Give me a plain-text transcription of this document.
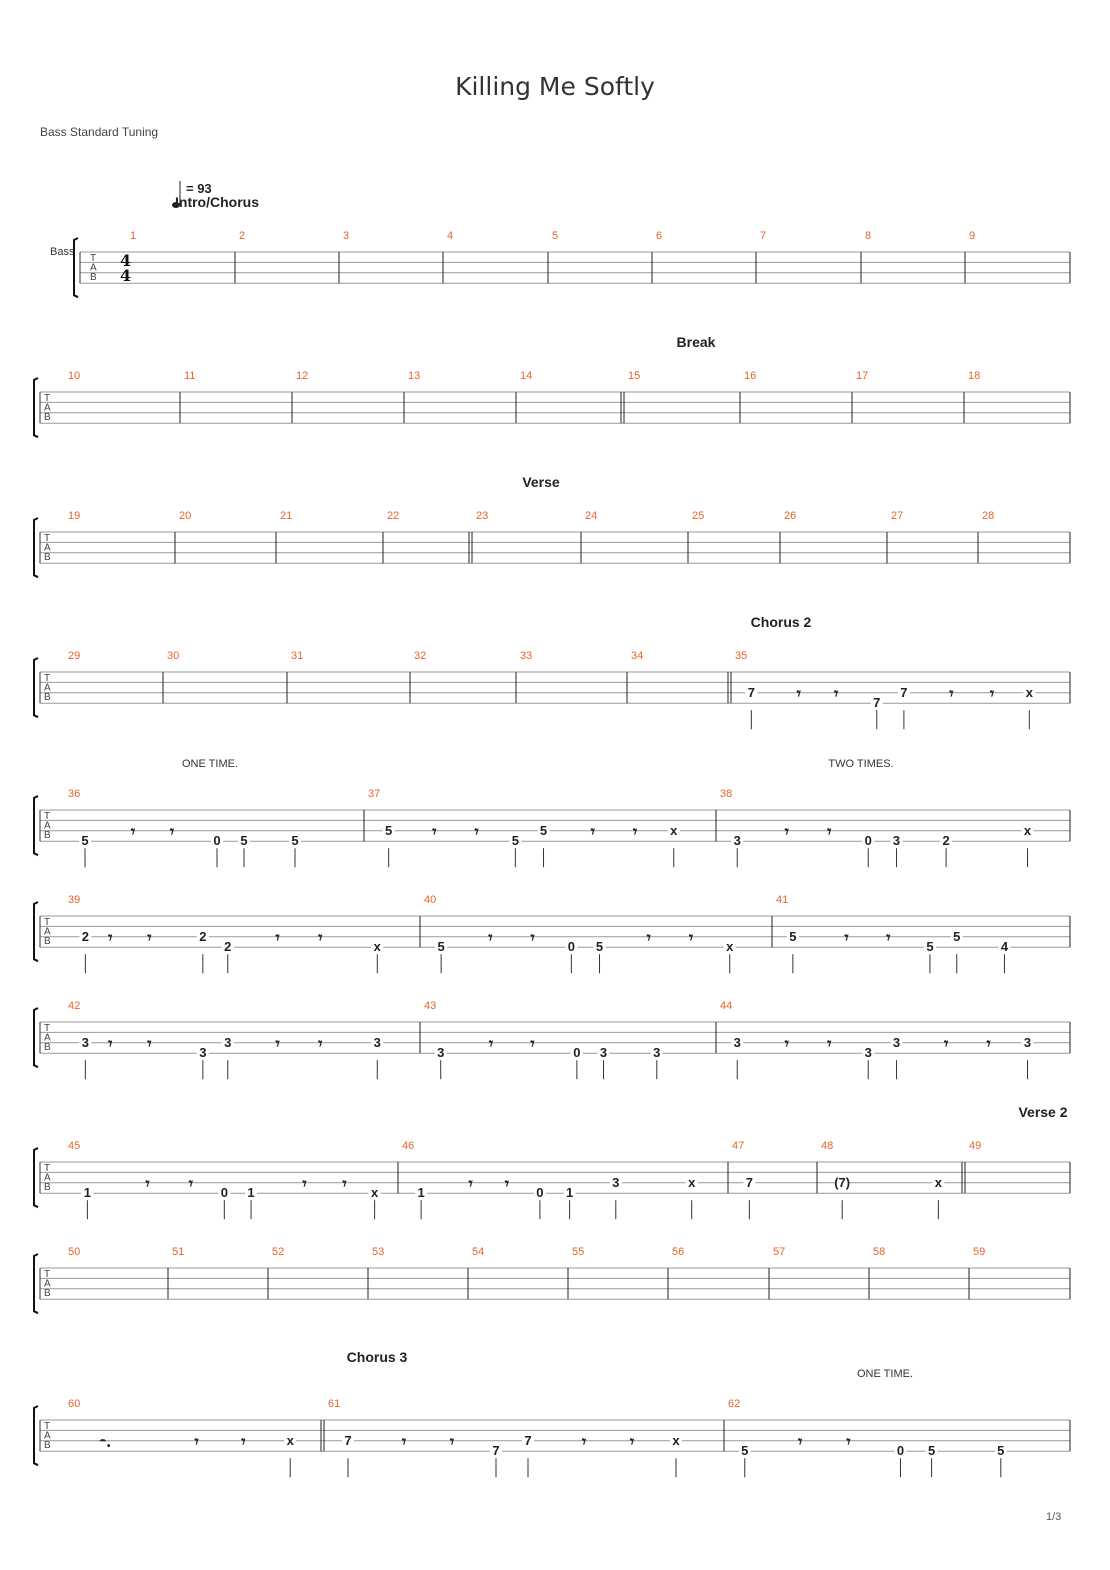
Killing Me Softly
Bass Standard Tuning
= 93
Bass
T
A
B
4
4
1	2	3	4	5	6	7	8	9
Intro/Chorus
T
A
B
10	11	12	13	14	15	16	17	18
Break
T
A
B
19	20	21	22	23	24	25	26	27	28
Verse
T
A
B
29	30	31	32	33	34	35
Chorus 2
7	𝄾 𝄾	7
7	𝄾 𝄾 x
T
A
B
36	37	38
ONE TIME.	TWO TIMES.
5	𝄾 𝄾	0 5	5
5	𝄾 𝄾	5
5	𝄾 𝄾	x
3	𝄾 𝄾	0 3	2
x
T
A
B
39	40	41
2 𝄾 𝄾	2
2	𝄾 𝄾	x	5	𝄾 𝄾	0 5	𝄾 𝄾	x
5	𝄾 𝄾	5
5
4
T
A
B
42	43	44
3 𝄾 𝄾	3
3	𝄾 𝄾	3
3	𝄾 𝄾	0 3	3
3	𝄾 𝄾	3
3	𝄾 𝄾	3
T
A
B
45	46	47	48	49
Verse 2
1	𝄾 𝄾 0 1	𝄾 𝄾 x	1	𝄾 𝄾 0 1
3	x	7	(7)	x
T
A
B
50	51	52	53	54	55	56	57	58	59
T
A
B
60	61	62
Chorus 3
ONE TIME.
𝄼.	𝄾	𝄾	x	7	𝄾	𝄾	7
7	𝄾	𝄾	x
5	𝄾	𝄾	0 5	5
1/3
